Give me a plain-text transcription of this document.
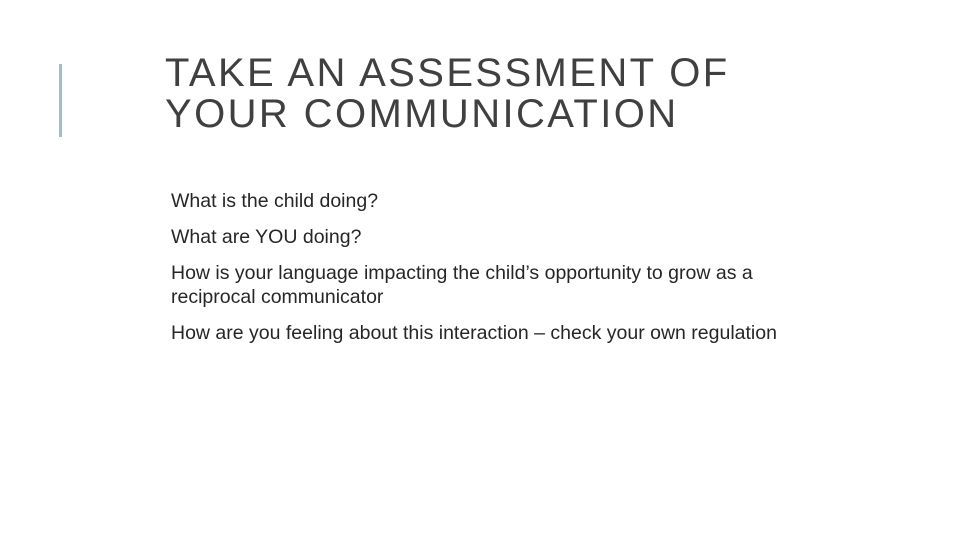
TAKE AN ASSESSMENT OF
YOUR COMMUNICATION
What is the child doing?
What are YOU doing?
How is your language impacting the child’s opportunity to grow as a reciprocal communicator
How are you feeling about this interaction – check your own regulation
